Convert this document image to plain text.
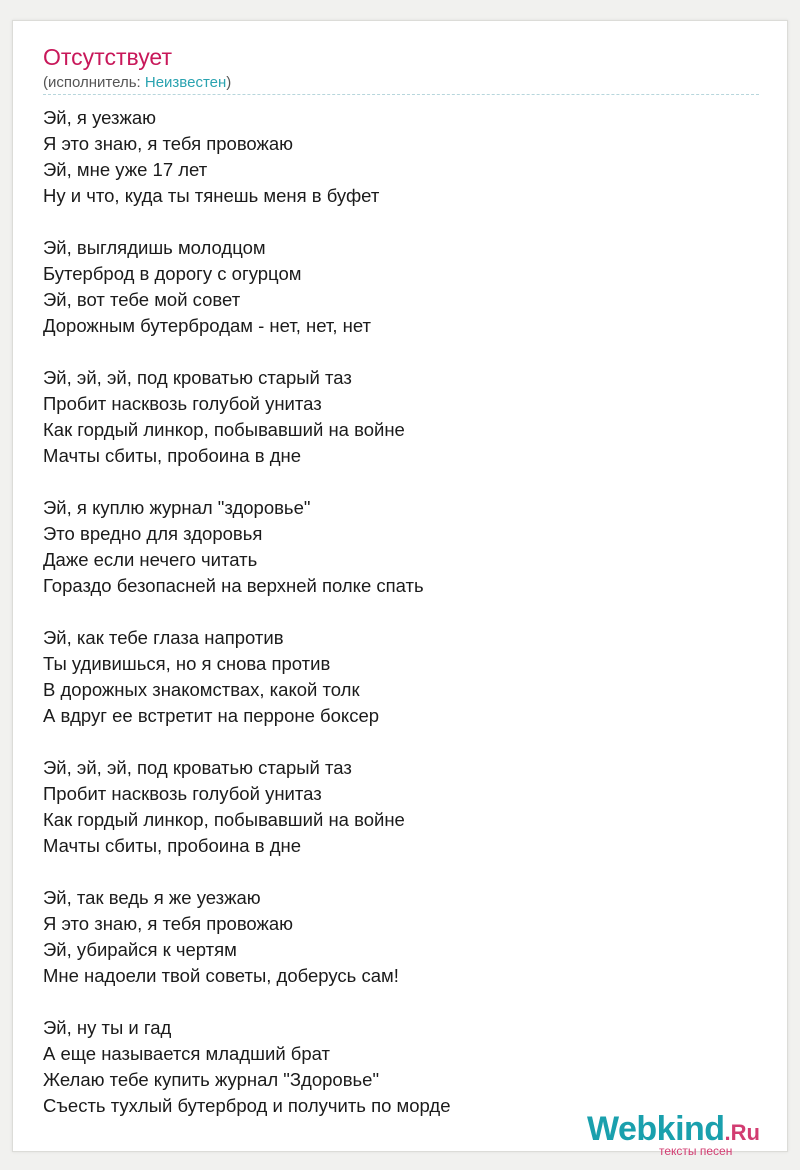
Отсутствует
(исполнитель: Неизвестен)
Эй, я уезжаю
Я это знаю, я тебя провожаю
Эй, мне уже 17 лет
Ну и что, куда ты тянешь меня в буфет
Эй, выглядишь молодцом
Бутерброд в дорогу с огурцом
Эй, вот тебе мой совет
Дорожным бутербродам - нет, нет, нет
Эй, эй, эй, под кроватью старый таз
Пробит насквозь голубой унитаз
Как гордый линкор, побывавший на войне
Мачты сбиты, пробоина в дне
Эй, я куплю журнал "здоровье"
Это вредно для здоровья
Даже если нечего читать
Гораздо безопасней на верхней полке спать
Эй, как тебе глаза напротив
Ты удивишься, но я снова против
В дорожных знакомствах, какой толк
А вдруг ее встретит на перроне боксер
Эй, эй, эй, под кроватью старый таз
Пробит насквозь голубой унитаз
Как гордый линкор, побывавший на войне
Мачты сбиты, пробоина в дне
Эй, так ведь я же уезжаю
Я это знаю, я тебя провожаю
Эй, убирайся к чертям
Мне надоели твой советы, доберусь сам!
Эй, ну ты и гад
А еще называется младший брат
Желаю тебе купить журнал "Здоровье"
Съесть тухлый бутерброд и получить по морде
Webkind.Ru
тексты песен
